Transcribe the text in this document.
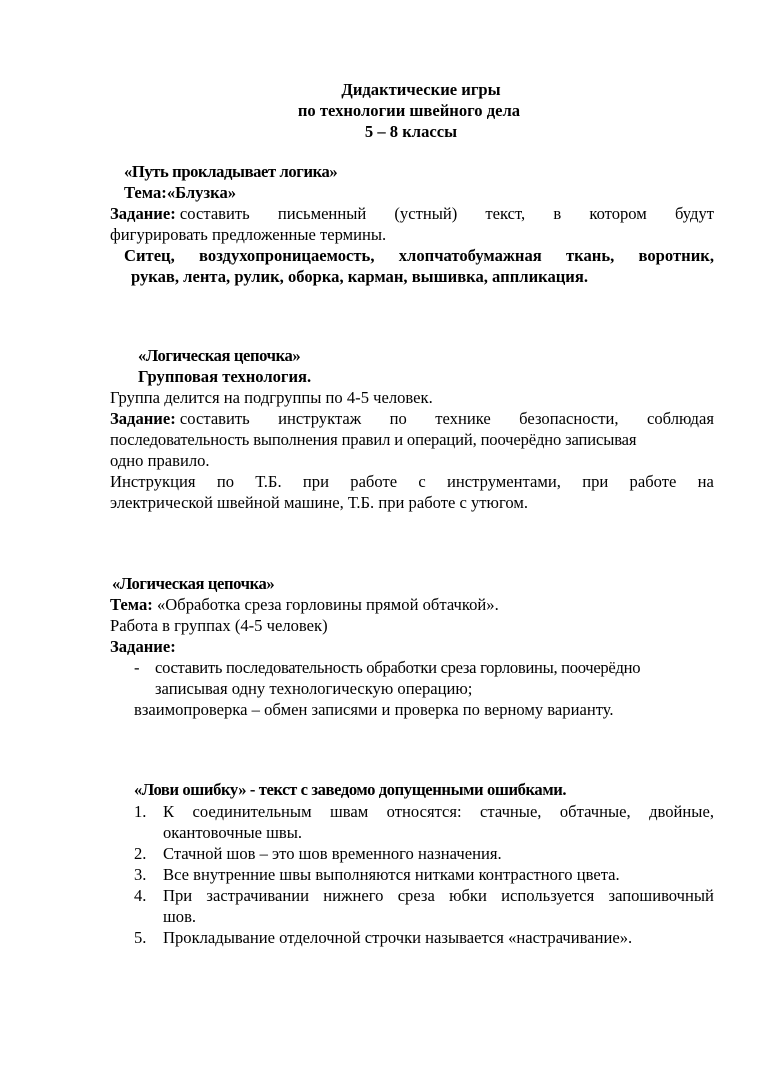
Дидактические игры
по технологии швейного дела
5 – 8 классы
«Путь прокладывает логика»
Тема:«Блузка»
Задание: составить письменный (устный) текст, в котором будут
фигурировать предложенные термины.
Ситец, воздухопроницаемость, хлопчатобумажная ткань, воротник,
рукав, лента, рулик, оборка, карман, вышивка, аппликация.
«Логическая цепочка»
Групповая технология.
Группа делится на подгруппы по 4-5 человек.
Задание: составить инструктаж по технике безопасности, соблюдая
последовательность выполнения правил и операций, поочерёдно записывая
одно правило.
Инструкция по Т.Б. при работе с инструментами, при работе на
электрической швейной машине, Т.Б. при работе с утюгом.
«Логическая цепочка»
Тема: «Обработка среза горловины прямой обтачкой».
Работа в группах (4-5 человек)
Задание:
- составить последовательность обработки среза горловины, поочерёдно
записывая одну технологическую операцию;
взаимопроверка – обмен записями и проверка по верному варианту.
«Лови ошибку» - текст с заведомо допущенными ошибками.
1. К соединительным швам относятся: стачные, обтачные, двойные,
окантовочные швы.
2. Стачной шов – это шов временного назначения.
3. Все внутренние швы выполняются нитками контрастного цвета.
4. При застрачивании нижнего среза юбки используется запошивочный
шов.
5. Прокладывание отделочной строчки называется «настрачивание».
